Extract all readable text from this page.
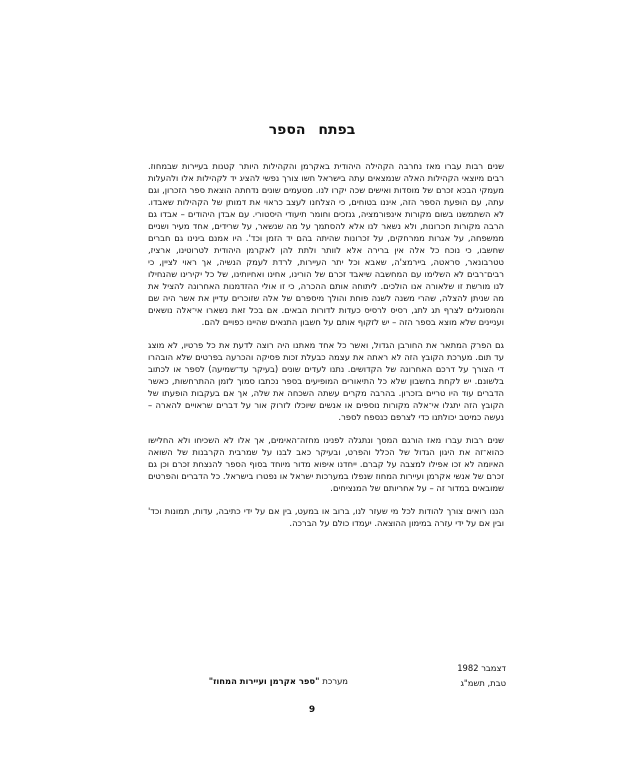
בפתח הספר

שנים רבות עברו מאז נחרבה הקהילה היהודית באקרמן והקהילות היותר קטנות בעיירות שבמחוז. רבים מיוצאי הקהילות האלה שנמצאים עתה בישראל חשו צורך נפשי להציג יד לקהילות אלו ולהעלות מעמקי הבכא זכרם של מוסדות ואישים שכה יקרו לנו. מטעמים שונים נדחתה הוצאת ספר הזכרון, וגם עתה, עם הופעת הספר הזה, איננו בטוחים, כי הצלחנו לעצב כראוי את דמותן של הקהילות שאבדו. לא השתמשנו בשום מקורות אינפורמציה, גנזכים וחומר תיעודי היסטורי. עם אבדן היהודים – אבדו גם הרבה מקורות חכרונות, ולא נשאר לנו אלא להסתמך על מה שנשאר, על שרידים, אחד מעיר ושניים ממשפחה, על אגרות ממרחקים, על זכרונות שהיתה בהם יד הזמן וכד'. היו אמנם בינינו גם חברים שחשבו, כי נוכח כל אלה אין ברירה אלא לוותר ולתת להן לאקרמן היהודית לטרוטינו, ארציז, טטרבונאר, סראטה, ביירמצ'ה, שאבא וכל יתר העיירות, לרדת לעמק הנשיה, אך ראוי לציין, כי רבים־רבים לא השלימו עם המחשבה שיאבד זכרם של הורינו, אחינו ואחיותינו, של כל יקירינו שהנחילו לנו מורשת זו שלאורה אנו הולכים. ליתוחה אותם ההכרה, כי זו אולי ההזדמנות האחרונה להציל את מה שניתן להצלה, שהרי משנה לשנה פוחת והולך מיספרם של אלה שזוכרים עדיין את אשר היה שם והמסוגלים לצרף תג לתג, רסיס לרסיס כעדות לדורות הבאים. אם בכל זאת נשארו אי־אלה נושאים ועניינים שלא מוצא בספר הזה – יש לזקוף אותם על חשבון התנאים שהיינו כפויים להם.

גם הפרק המתאר את החורבן הגדול, ואשר כל אחד מאתנו היה רוצה לדעת את כל פרטיו, לא מוצג עד תום. מערכת הקובץ הזה לא ראתה את עצמה כבעלת זכות פסיקה והכרעה בפרטים שלא הובהרו די הצורך על דרכם האחרונה של הקדושים. נתנו לעדים שונים (בעיקר עד־שמיעה) לספר או לכתוב בלשונם. יש לקחת בחשבון שלא כל התיאורים המופיעים בספר נכתבו סמוך לזמן ההתרחשות, כאשר הדברים עוד היו טריים בזכרון. בהרבה מקרים עשתה השכחה את שלה, אך אם בעקבות הופעתו של הקובץ הזה יתגלו אי־אלה מקורות נוספים או אנשים שיוכלו לזרוק אור על דברים שראויים להארה – נעשה כמיטב יכולתנו כדי לצרפם כנספח לספר.

שנים רבות עברו מאז הורגם המסך ונתגלה לפנינו מחזה־האימים, אך אלו לא השכיחו ולא החלישו כהוא־זה את היגון הגדול של הכלל והפרט, ובעיקר כאב לבנו על שמרבית הקרבנות של השואה האיומה לא זכו אפילו למצבה על קברם. ייחדנו איפוא מדור מיוחד בסוף הספר להנצחת זכרם וכן גם זכרם של אנשי אקרמן ועיירות המחוז שנפלו במערכות ישראל או נפטרו בישראל. כל הדברים והפרטים שמובאים במדור זה – על אחריותם של המנציחים.

הננו רואים צורך להודות לכל מי שעזר לנו, ברוב או במעט, בין אם על ידי כתיבה, עדות, תמונות וכד' ובין אם על ידי עזרה במימון ההוצאה. יעמדו כולם על הברכה.

דצמבר 1982
טבת, תשמ"ג
מערכת "ספר אקרמן ועיירות המחוז"
9
